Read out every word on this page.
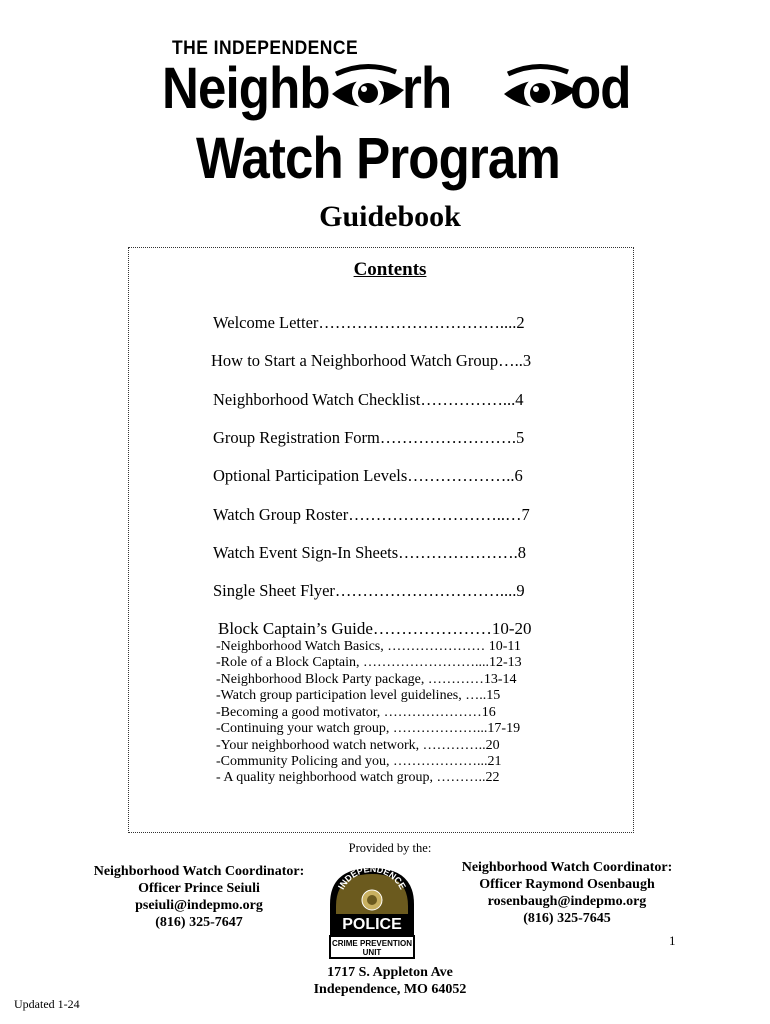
THE INDEPENDENCE
Neighb rh od
Watch Program
Guidebook
Contents
Welcome Letter……………………………....2
How to Start a Neighborhood Watch Group…..3
Neighborhood Watch Checklist……………...4
Group Registration Form…………………….5
Optional Participation Levels………………..6
Watch Group Roster………………………..…7
Watch Event Sign-In Sheets………………….8
Single Sheet Flyer…………………………....9
Block Captain’s Guide…………………10-20
-Neighborhood Watch Basics, ………………… 10-11
-Role of a Block Captain, ……………………....12-13
-Neighborhood Block Party package, …………13-14
-Watch group participation level guidelines, …..15
-Becoming a good motivator, …………………16
-Continuing your watch group, ………………...17-19
-Your neighborhood watch network, …………..20
-Community Policing and you, ………………...21
- A quality neighborhood watch group, ………..22
Provided by the:
Neighborhood Watch Coordinator:
Officer Prince Seiuli
pseiuli@indepmo.org
(816) 325-7647
Neighborhood Watch Coordinator:
Officer Raymond Osenbaugh
rosenbaugh@indepmo.org
(816) 325-7645
INDEPENDENCE
POLICE
CRIME PREVENTION
UNIT
1
1717 S. Appleton Ave
Independence, MO 64052
Updated 1-24
